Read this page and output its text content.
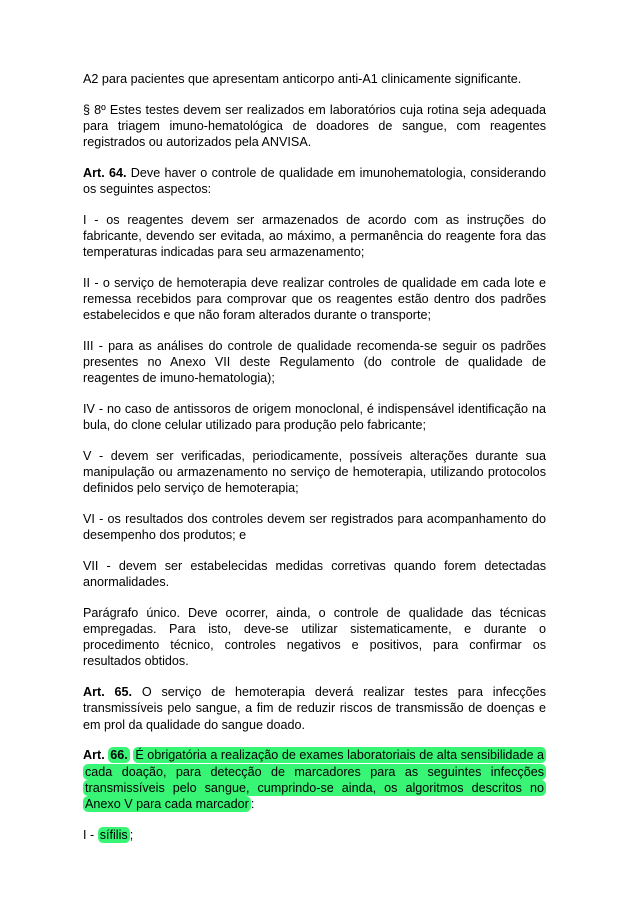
A2 para pacientes que apresentam anticorpo anti-A1 clinicamente significante.

§ 8º Estes testes devem ser realizados em laboratórios cuja rotina seja adequada para triagem imuno-hematológica de doadores de sangue, com reagentes registrados ou autorizados pela ANVISA.

Art. 64. Deve haver o controle de qualidade em imunohematologia, considerando os seguintes aspectos:

I - os reagentes devem ser armazenados de acordo com as instruções do fabricante, devendo ser evitada, ao máximo, a permanência do reagente fora das temperaturas indicadas para seu armazenamento;

II - o serviço de hemoterapia deve realizar controles de qualidade em cada lote e remessa recebidos para comprovar que os reagentes estão dentro dos padrões estabelecidos e que não foram alterados durante o transporte;

III - para as análises do controle de qualidade recomenda-se seguir os padrões presentes no Anexo VII deste Regulamento (do controle de qualidade de reagentes de imuno-hematologia);

IV - no caso de antissoros de origem monoclonal, é indispensável identificação na bula, do clone celular utilizado para produção pelo fabricante;

V - devem ser verificadas, periodicamente, possíveis alterações durante sua manipulação ou armazenamento no serviço de hemoterapia, utilizando protocolos definidos pelo serviço de hemoterapia;

VI - os resultados dos controles devem ser registrados para acompanhamento do desempenho dos produtos; e

VII - devem ser estabelecidas medidas corretivas quando forem detectadas anormalidades.

Parágrafo único. Deve ocorrer, ainda, o controle de qualidade das técnicas empregadas. Para isto, deve-se utilizar sistematicamente, e durante o procedimento técnico, controles negativos e positivos, para confirmar os resultados obtidos.

Art. 65. O serviço de hemoterapia deverá realizar testes para infecções transmissíveis pelo sangue, a fim de reduzir riscos de transmissão de doenças e em prol da qualidade do sangue doado.

Art. 66. É obrigatória a realização de exames laboratoriais de alta sensibilidade a cada doação, para detecção de marcadores para as seguintes infecções transmissíveis pelo sangue, cumprindo-se ainda, os algoritmos descritos no Anexo V para cada marcador :

I - sífilis ;
